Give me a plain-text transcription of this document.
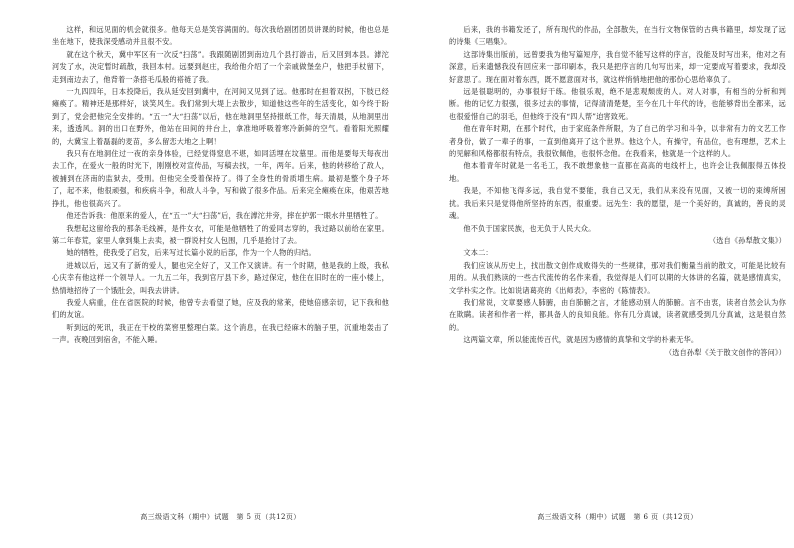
这样，和远见面的机会就很多。他每天总是笑容满面的。每次我给剧团团员讲课的时候，他也总是坐在地下，使我深受感动并且很不安。

就在这个秋天，冀中军区有一次反“扫荡”。我跟随剧团到南边几个县打游击，后又回到本县。滹沱河发了水，决定暂时疏散，我回本村。远要到赵庄，我给他介绍了一个亲戚做堡垒户，他把手杖留下，走到南边去了，他背着一条搭毛瓜般的褡裢了我。

一九四四年，日本投降后，我从延安回到冀中，在河间又见到了远。他那时在担着双拐，下肢已经瘫痪了。精神还是那样好，谈笑风生。我们常到大堤上去散步，知道他这些年的生活变化，如今终于盼到了，党会把他完全安排的。“五一”大“扫荡”以后，他在地洞里坚持报纸工作，每天清晨，从地洞里出来，透透风。洞的出口在野外，他站在田间的井台上，拿准地呼吸着寒冷新鲜的空气。看着阳光照耀的，大冀宝上着磊磊的麦苗，多么留恋大地之上啊！

我只有在地洞住过一夜的亲身体验，已经觉得窒息不堪，如同活埋在坟墓里。而他是要每天每夜出去工作，在爱火一般的时光下，刚刚校对宣传品，写稿去找，一年，两年。后来，他的转移给了敌人，被捕到在济南的监狱去，受刑。但他完全受着保持了。得了全身性的骨质增生病。最初是整个身子坏了，起不来，他很顽强，和疾病斗争，和敌人斗争，写和做了很多作品。后来完全瘫痪在床，他艰苦地挣扎，他也很高兴了。

他还告诉我：他原来的爱人，在“五一”大“扫荡”后，我在滹沱井旁，摔在护郭一眼水井里牺牲了。

我想起这留给我的那条毛线裤，是件女衣，可能是他牺牲了的爱同志穿的，我过路以前给在家里。第二年春荒，家里人拿到集上去卖，被一群说村女人包围，几乎是抢讨了去。

她的牺牲，使我受了启发，后来写过长篇小说的后部，作为一个人物的归结。

进城以后，远又有了新的爱人，腿也完全好了，又工作又演讲。有一个时期，他是我的上级，我私心庆幸有他这样一个领导人。一九五二年，我到官厅县下乡，路过保定，他住在旧时在的一座小楼上，热情地招待了一个饿肚会，叫我去讲讲。

我爱人病重，住在省医院的时候，他曾专去看望了她，应及我的常莱，使她倍感亲切，记下我和他们的友谊。

听到远的死讯，我正在干校的菜窖里整理白菜。这个消息，在我已经麻木的脑子里，沉重地轰击了一声。夜晚回到宿舍，不能入睡。

高三级语文科（期中）试题　第 5 页（共12页）

后来，我的书籍发还了，所有现代的作品，全部散失，在当行文物保管的古典书籍里，却发现了远的诗集《三唱集》。

这部诗集出版前，远曾要我为他写篇短序，我自觉不能写这样的序言，没能及时写出来，他对之有深意，后来遗憾我没有回应来一部印刷本，我只是把序言的几句写出来，却一定要成写着要求，我却没好意思了。现在面对着东西，既不愿意面对书，就这样悄悄地把他的那份心思给辜负了。

远是很聪明的，办事很好干练。他很乐观，绝不是悲观颓废的人。对人对事，有相当的分析和判断。他的记忆力很强，很多过去的事情，记得清清楚楚，至今在几十年代的诗，也能够背出全都来，远也很爱惜自己的羽毛，但他终于没有“四人帮”迫害致死。

他在青年时期，在那个时代，由于家庭条件所限，为了自己的学习和斗争，以非常有力的文艺工作者身份，做了一辈子的事，一直到他离开了这个世界。他这个人，有操守，有品位，也有理想，艺术上的见解和风格都很有特点，我很钦佩他，也很怀念他。在我看来，他就是一个这样的人。

他本着青年时就是一名毛工，我不敢想象他一直都在高高的电线杆上，也许会让我佩服得五体投地。

我是，不知他飞得多远，我自觉不要能，我自己又无，我们从来没有见面，又被一切的束缚所困扰。我后来只是觉得他所坚持的东西，很重要。远先生：我的愿望，是一个美好的，真诚的，善良的灵魂。

他不负于国家民族，也无负于人民大众。

（选自《孙犁散文集》）

文本二：

我们应该从历史上，找出散文创作成败得失的一些规律，那对我们衡量当前的散文，可能是比较有用的。从我们熟读的一些古代流传的名作来看，我觉得是人们可以期的大体讲的名篇，就是感情真实，文学朴实之作。比如说诸葛亮的《出师表》，李密的《陈情表》。

我们常说，文章要感人肺腑，由自肺腑之言，才能感动别人的肺腑。言不由衷，读者自然会认为你在欺瞒。读者和作者一样，都具备人的良知良能。你有几分真诚，读者就感受到几分真诚，这是很自然的。

这两篇文章，所以能流传百代，就是因为感情的真挚和文学的朴素无华。

（选自孙犁《关于散文创作的答问》）

高三级语文科（期中）试题　第 6 页（共12页）
